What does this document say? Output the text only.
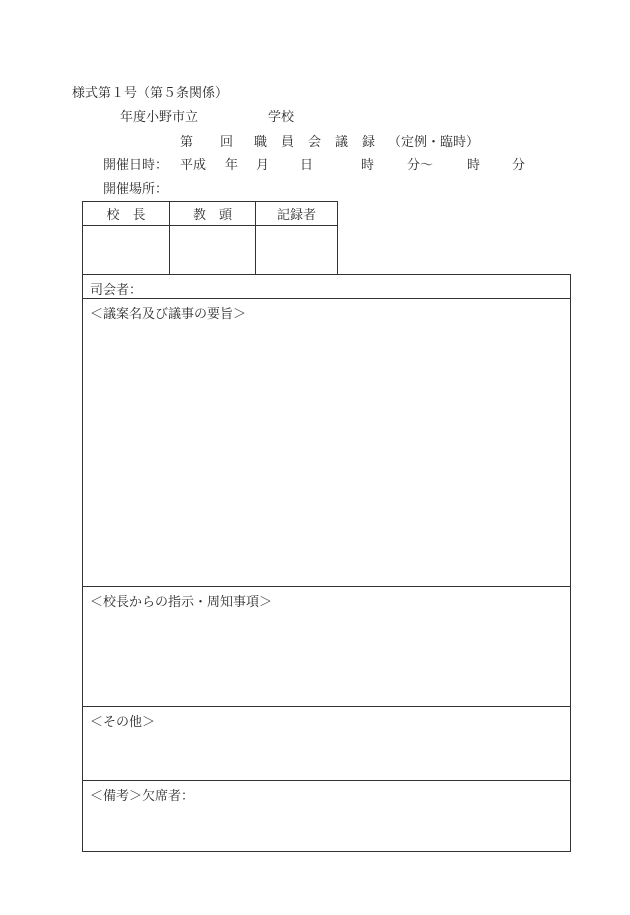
様式第１号（第５条関係）
年度小野市立	学校
第 回 職員会議録
（定例・臨時）
開催日時： 平成 年 月 日	時	分～	時 分
開催場所：
校　長	教　頭	記録者

司会者：
＜議案名及び議事の要旨＞
＜校長からの指示・周知事項＞
＜その他＞
＜備考＞欠席者：
